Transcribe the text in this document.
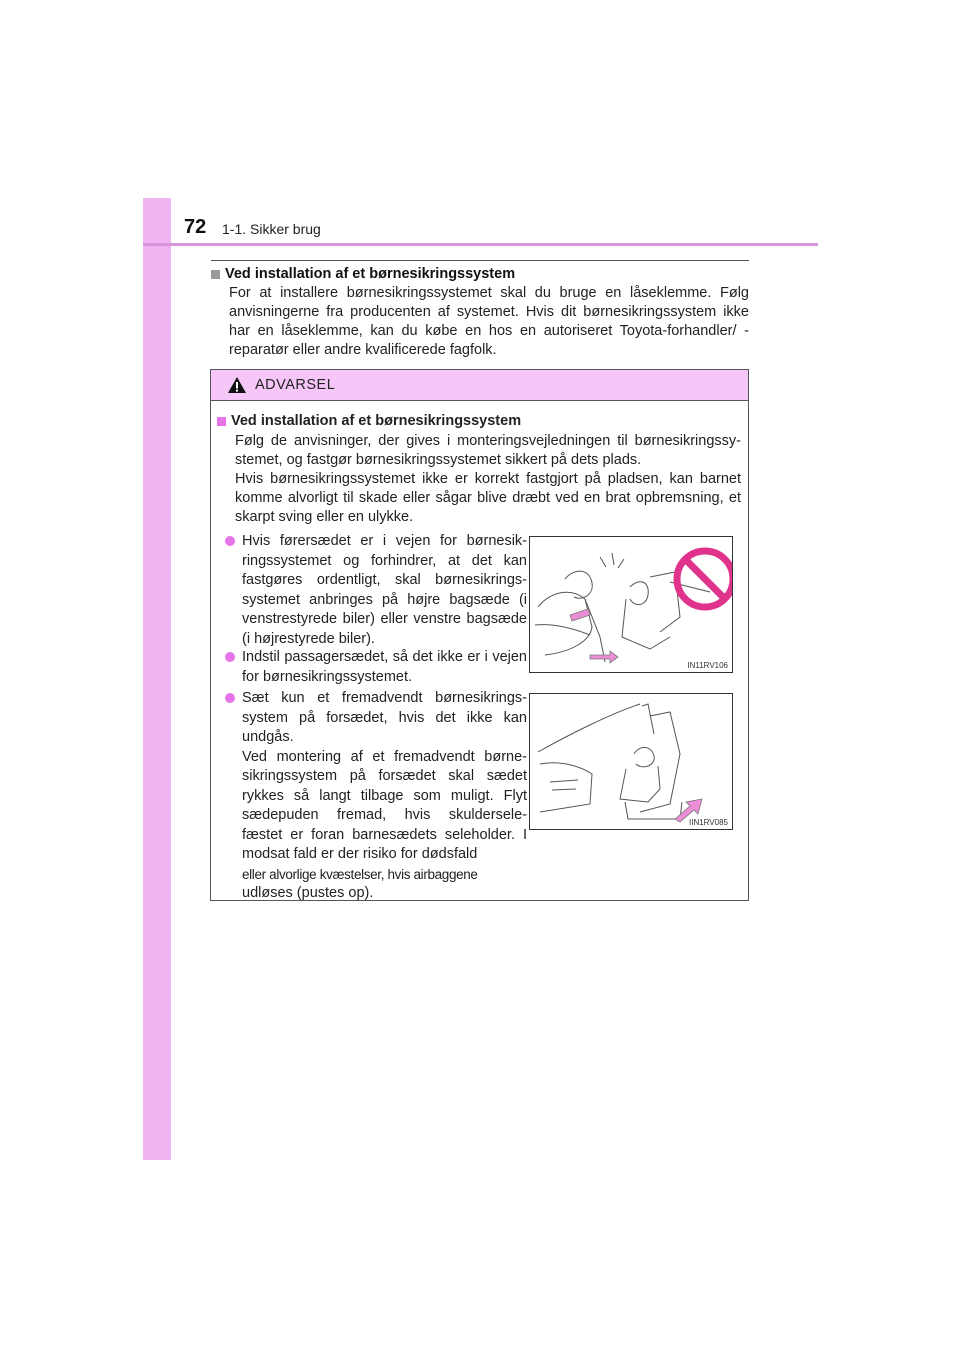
72 1-1. Sikker brug
Ved installation af et børnesikringssystem
For at installere børnesikringssystemet skal du bruge en låseklemme. Følg anvisningerne fra producenten af systemet. Hvis dit børnesikringssystem ikke har en låseklemme, kan du købe en hos en autoriseret Toyota-forhandler/ -reparatør eller andre kvalificerede fagfolk.
ADVARSEL
Ved installation af et børnesikringssystem

Følg de anvisninger, der gives i monteringsvejledningen til børnesikringssy- stemet, og fastgør børnesikringssystemet sikkert på dets plads.

Hvis børnesikringssystemet ikke er korrekt fastgjort på pladsen, kan barnet komme alvorligt til skade eller sågar blive dræbt ved en brat opbremsning, et skarpt sving eller en ulykke.

Hvis førersædet er i vejen for børnesik- ringssystemet og forhindrer, at det kan fastgøres ordentligt, skal børnesikrings- systemet anbringes på højre bagsæde (i venstrestyrede biler) eller venstre bagsæde (i højrestyrede biler).
Indstil passagersædet, så det ikke er i vejen for børnesikringssystemet.

Sæt kun et fremadvendt børnesikrings- system på forsædet, hvis det ikke kan undgås.

Ved montering af et fremadvendt børne- sikringssystem på forsædet skal sædet rykkes så langt tilbage som muligt. Flyt sædepuden fremad, hvis skuldersele- fæstet er foran barnesædets seleholder. I modsat fald er der risiko for dødsfald

eller alvorlige kvæstelser, hvis airbaggene

udløses (pustes op).

IN11RV106
IIN1RV085
